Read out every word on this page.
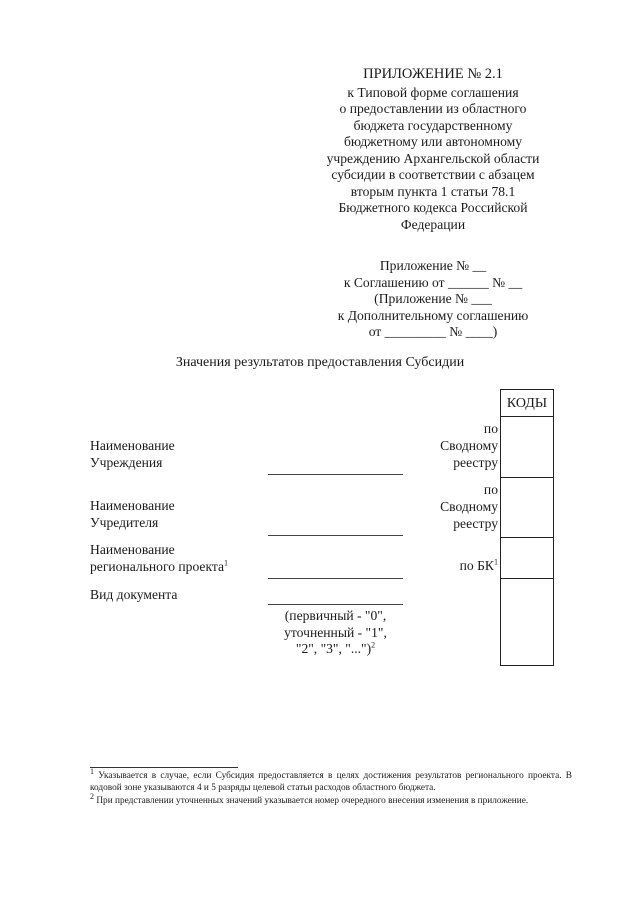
ПРИЛОЖЕНИЕ № 2.1
к Типовой форме соглашения
о предоставлении из областного
бюджета государственному
бюджетному или автономному
учреждению Архангельской области
субсидии в соответствии с абзацем
вторым пункта 1 статьи 78.1
Бюджетного кодекса Российской
Федерации
Приложение № __
к Соглашению от ______ № __
(Приложение № ___
к Дополнительному соглашению
от _________ № ____)
Значения результатов предоставления Субсидии
КОДЫ
Наименование
Учреждения
по
Сводному
реестру
Наименование
Учредителя
по
Сводному
реестру
Наименование
регионального проекта$^1$	по $БК^1$
Вид документа
(первичный - "0",
уточненный - "1",
"2", "3", "...")$^2$
$^1$ Указывается в случае, если Субсидия предоставляется в целях достижения результатов регионального проекта. В кодовой зоне указываются 4 и 5 разряды целевой статьи расходов областного бюджета.
$^2$ При представлении уточненных значений указывается номер очередного внесения изменения в приложение.
